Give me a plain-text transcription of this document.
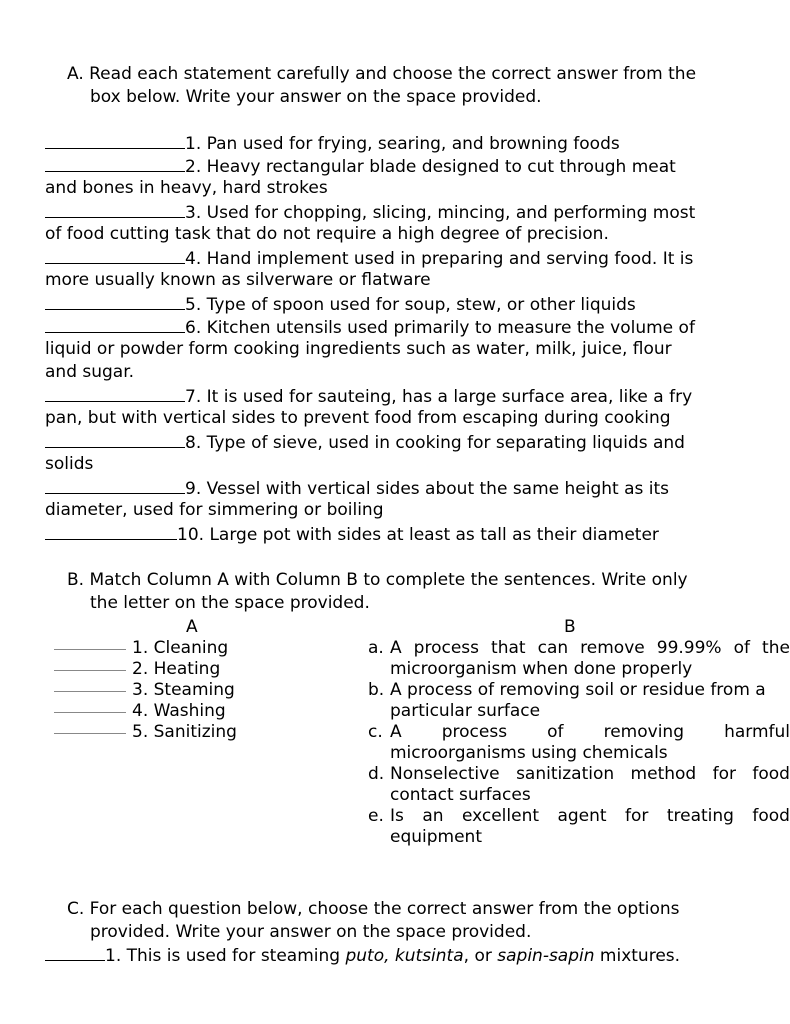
A. Read each statement carefully and choose the correct answer from the
box below. Write your answer on the space provided.
1. Pan used for frying, searing, and browning foods
2. Heavy rectangular blade designed to cut through meat
and bones in heavy, hard strokes
3. Used for chopping, slicing, mincing, and performing most
of food cutting task that do not require a high degree of precision.
4. Hand implement used in preparing and serving food. It is
more usually known as silverware or flatware
5. Type of spoon used for soup, stew, or other liquids
6. Kitchen utensils used primarily to measure the volume of
liquid or powder form cooking ingredients such as water, milk, juice, flour
and sugar.
7. It is used for sauteing, has a large surface area, like a fry
pan, but with vertical sides to prevent food from escaping during cooking
8. Type of sieve, used in cooking for separating liquids and
solids
9. Vessel with vertical sides about the same height as its
diameter, used for simmering or boiling
10. Large pot with sides at least as tall as their diameter
B. Match Column A with Column B to complete the sentences. Write only
the letter on the space provided.
A	B
1. Cleaning
2. Heating
3. Steaming
4. Washing
5. Sanitizing
a. A process that can remove 99.99% of the
microorganism when done properly
b. A process of removing soil or residue from a
particular surface
c. A process of removing harmful
microorganisms using chemicals
d. Nonselective sanitization method for food
contact surfaces
e. Is an excellent agent for treating food
equipment
C. For each question below, choose the correct answer from the options
provided. Write your answer on the space provided.
1. This is used for steaming puto, kutsinta, or sapin-sapin mixtures.
